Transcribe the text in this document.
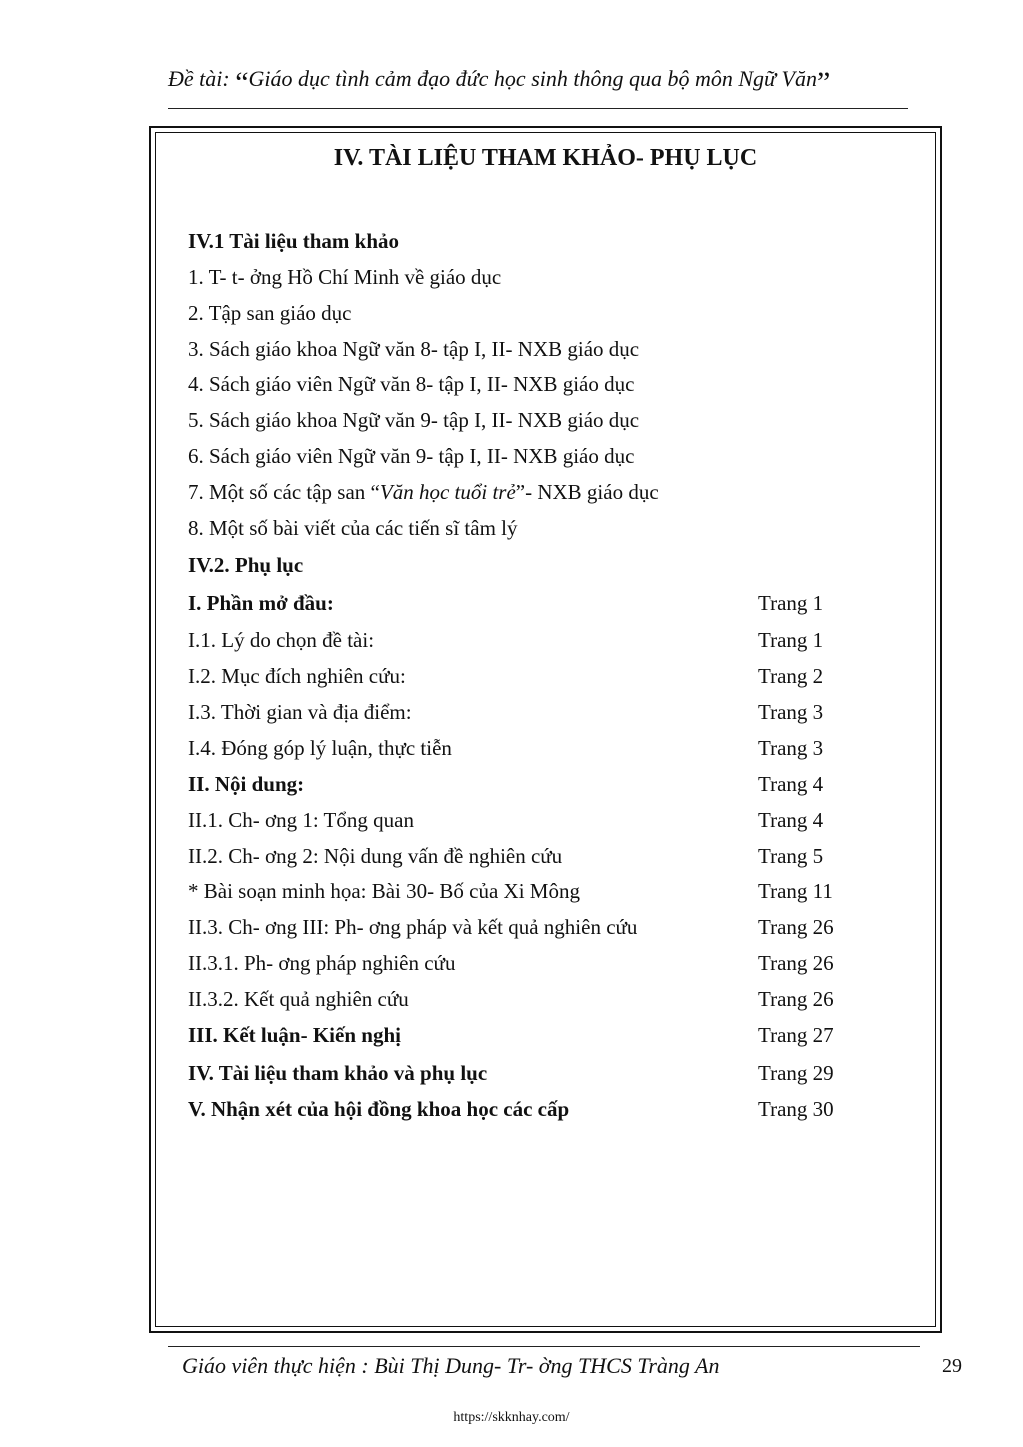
Đề tài: “Giáo dục tình cảm đạo đức học sinh thông qua bộ môn Ngữ Văn”
IV. TÀI LIỆU THAM KHẢO- PHỤ LỤC
IV.1 Tài liệu tham khảo
1. T- t- ởng Hồ Chí Minh về giáo dục
2. Tập san giáo dục
3. Sách giáo khoa Ngữ văn 8- tập I, II- NXB giáo dục
4. Sách giáo viên Ngữ văn 8- tập I, II- NXB giáo dục
5. Sách giáo khoa Ngữ văn 9- tập I, II- NXB giáo dục
6. Sách giáo viên Ngữ văn 9- tập I, II- NXB giáo dục
7. Một số các tập san “Văn học tuổi trẻ”- NXB giáo dục
8. Một số bài viết của các tiến sĩ tâm lý
IV.2. Phụ lục
I. Phần mở đầu:	Trang 1
I.1. Lý do chọn đề tài:	Trang 1
I.2. Mục đích nghiên cứu:	Trang 2
I.3. Thời gian và địa điểm:	Trang 3
I.4. Đóng góp lý luận, thực tiễn	Trang 3
II. Nội dung:	Trang 4
II.1. Ch- ơng 1: Tổng quan	Trang 4
II.2. Ch- ơng 2: Nội dung vấn đề nghiên cứu	Trang 5
* Bài soạn minh họa: Bài 30- Bố của Xi Mông	Trang 11
II.3. Ch- ơng III: Ph- ơng pháp và kết quả nghiên cứu	Trang 26
II.3.1. Ph- ơng pháp nghiên cứu	Trang 26
II.3.2. Kết quả nghiên cứu	Trang 26
III. Kết luận- Kiến nghị	Trang 27
IV. Tài liệu tham khảo và phụ lục	Trang 29
V. Nhận xét của hội đồng khoa học các cấp	Trang 30
Giáo viên thực hiện : Bùi Thị Dung- Tr- ờng THCS Tràng An	29
https://skknhay.com/
